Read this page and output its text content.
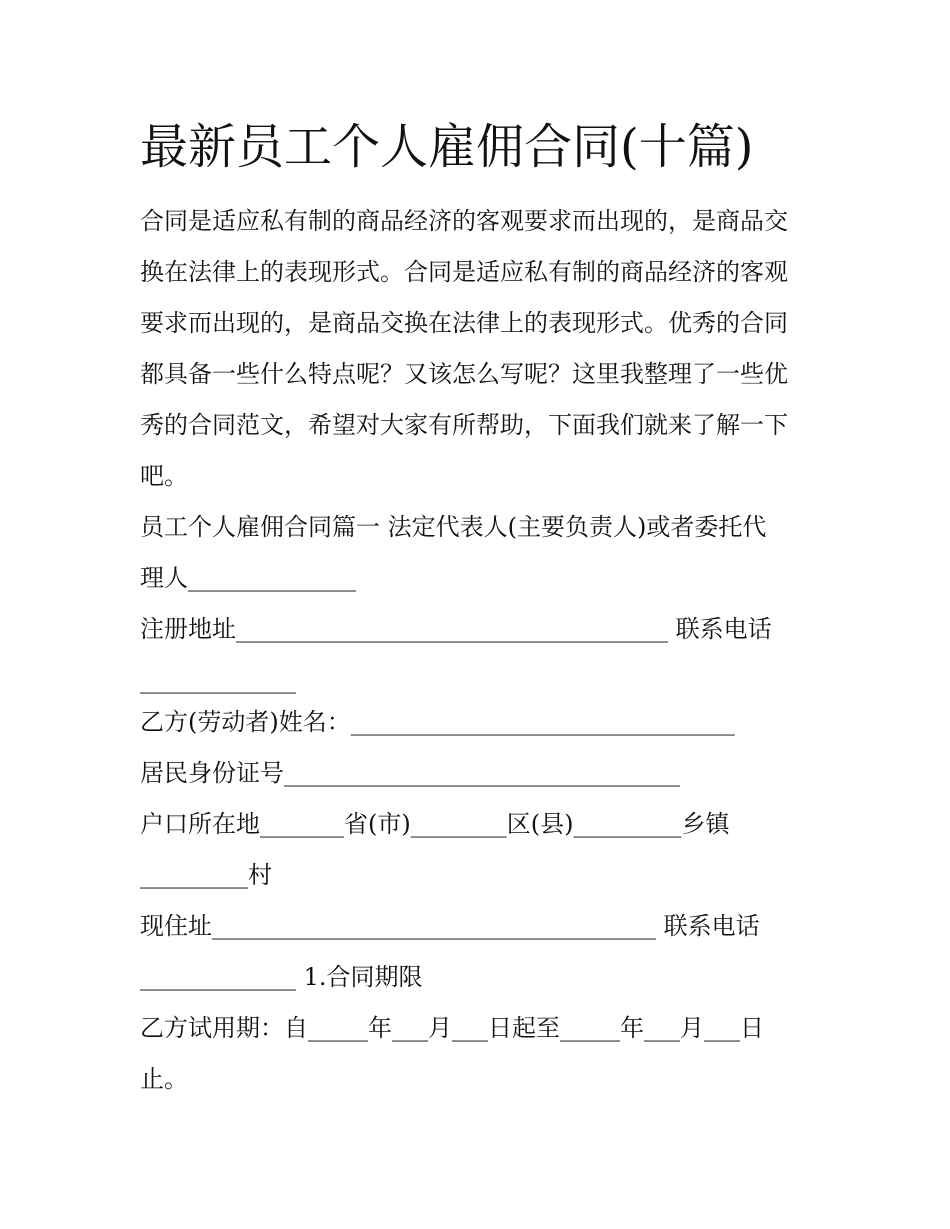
最新员工个人雇佣合同(十篇)

合同是适应私有制的商品经济的客观要求而出现的，是商品交

换在法律上的表现形式。合同是适应私有制的商品经济的客观

要求而出现的，是商品交换在法律上的表现形式。优秀的合同

都具备一些什么特点呢？又该怎么写呢？这里我整理了一些优

秀的合同范文，希望对大家有所帮助，下面我们就来了解一下

吧。

员工个人雇佣合同篇一 法定代表人(主要负责人)或者委托代

理人______________

注册地址____________________________________ 联系电话

_____________

乙方(劳动者)姓名：________________________________

居民身份证号_________________________________

户口所在地_______省(市)________区(县)_________乡镇

_________村

现住址_____________________________________ 联系电话

_____________ 1.合同期限

乙方试用期：自_____年___月___日起至_____年___月___日

止。
